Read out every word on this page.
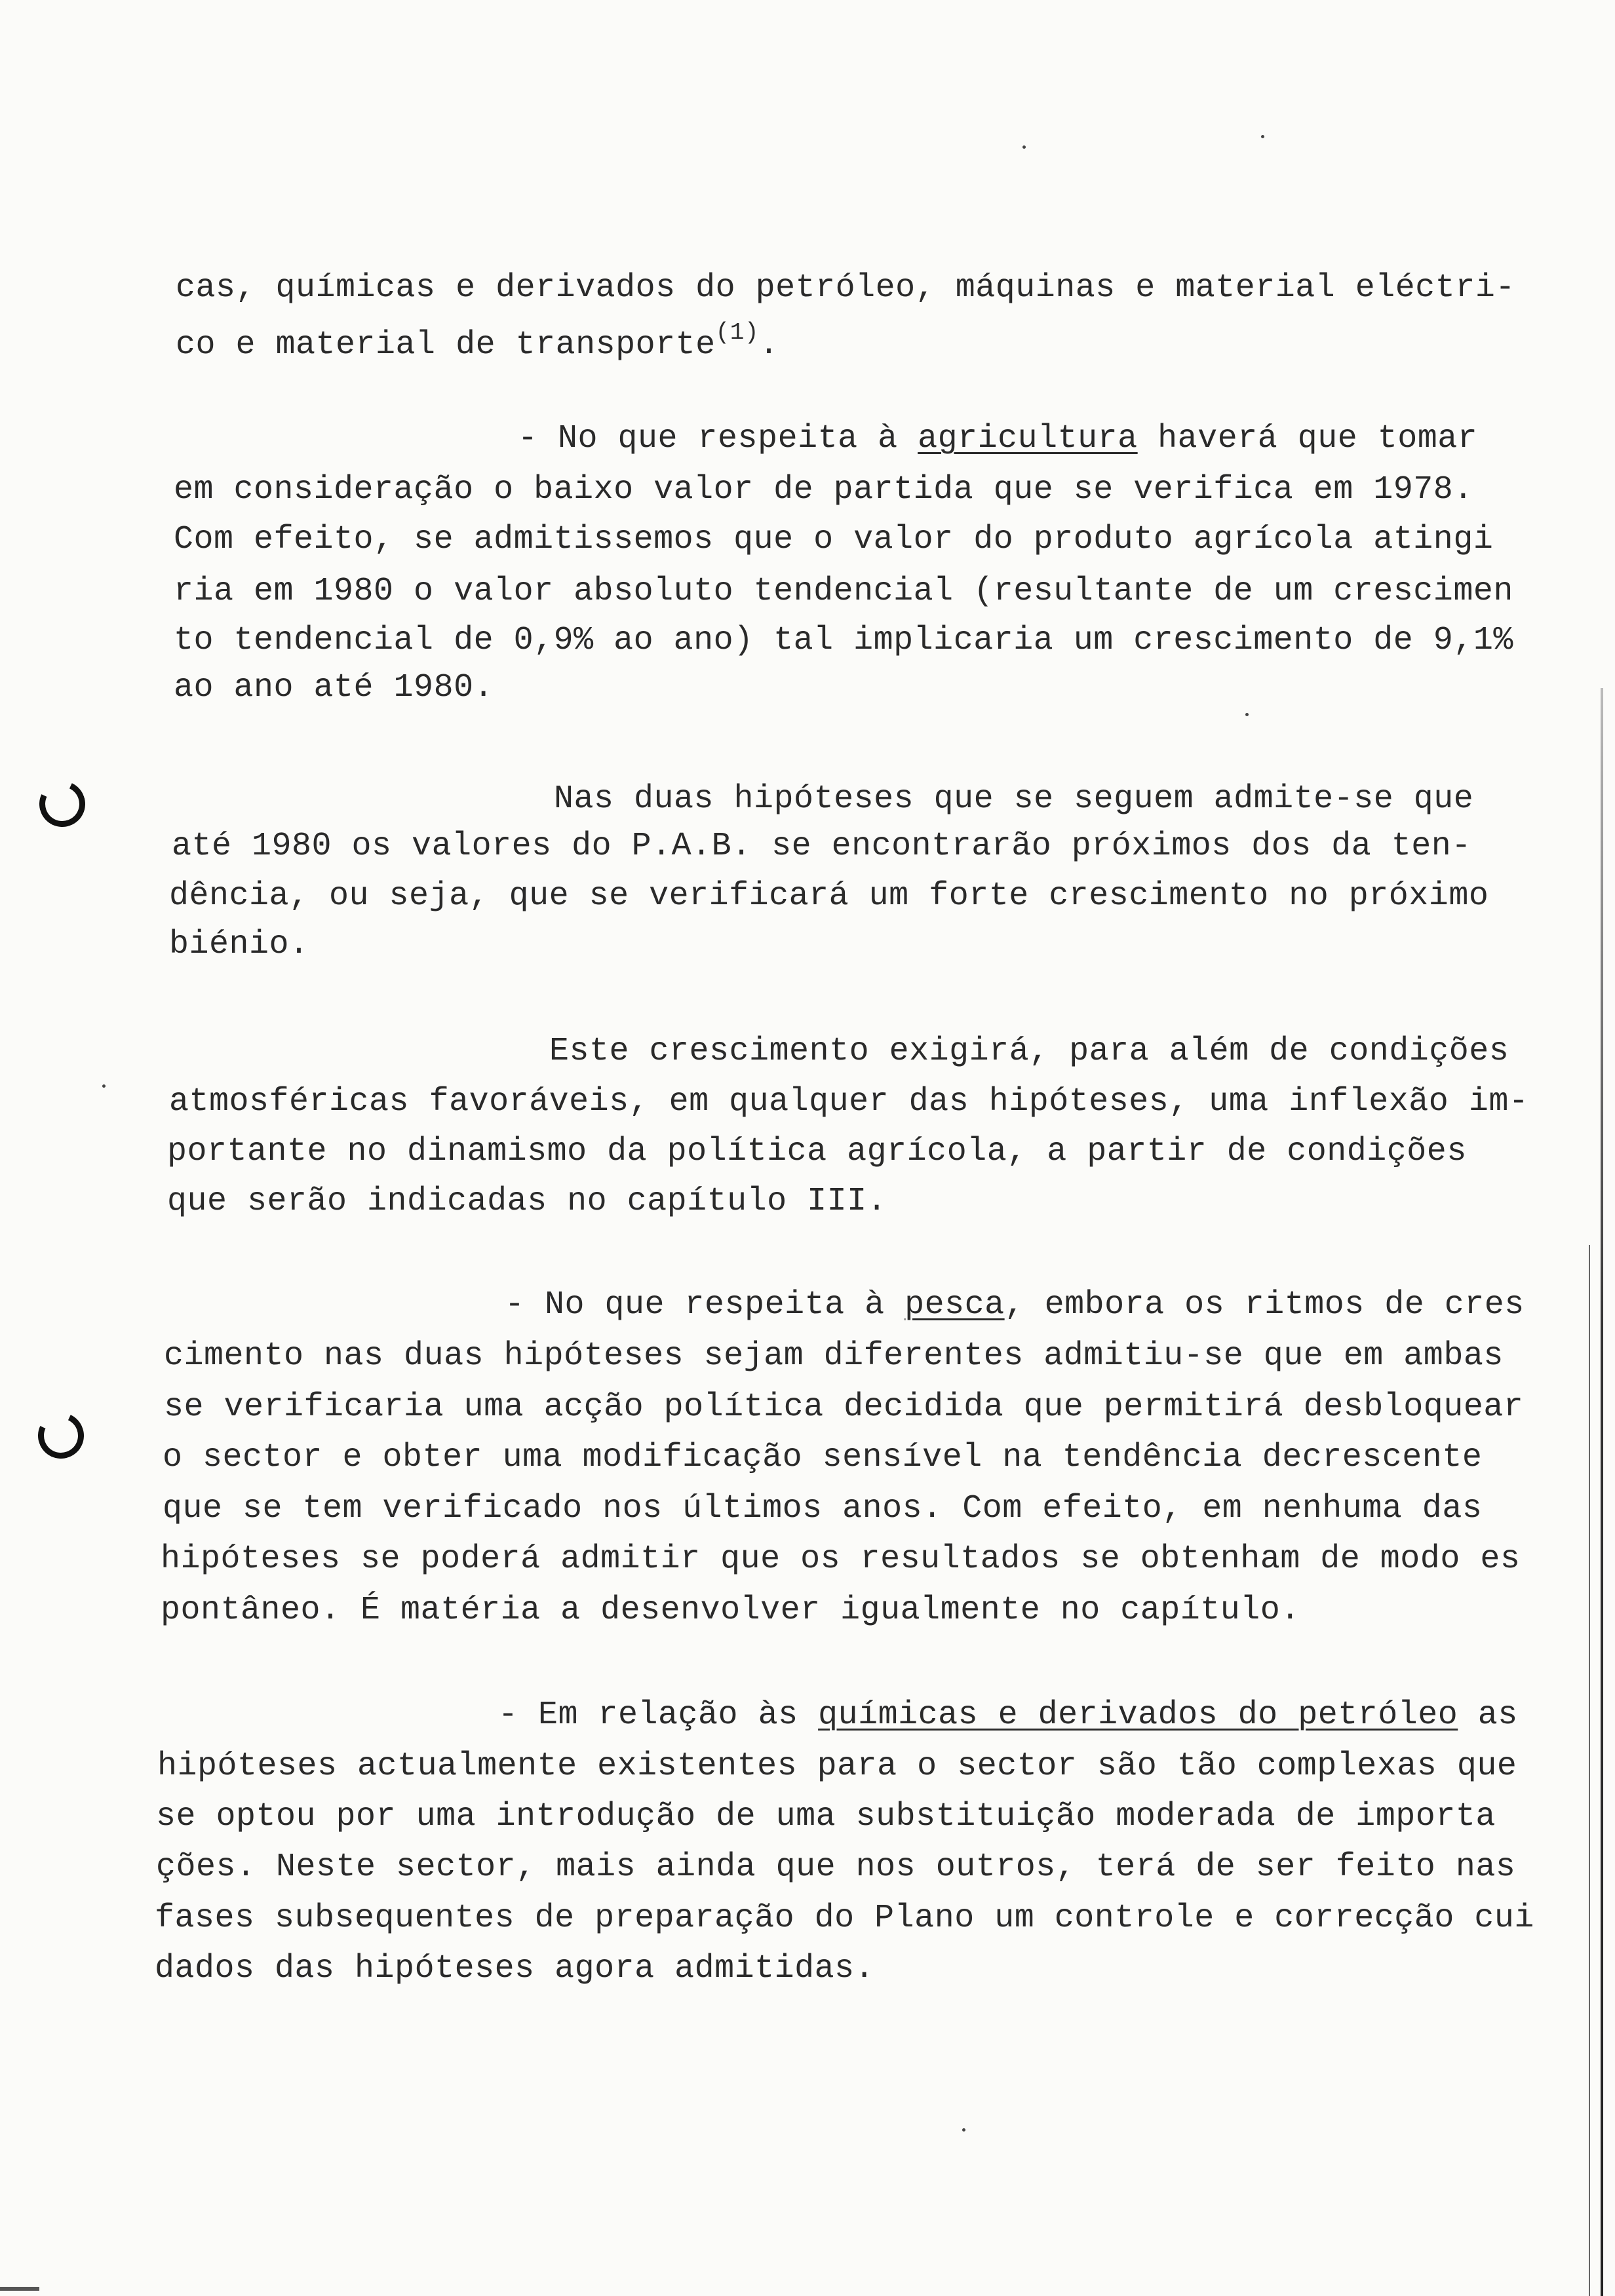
cas, químicas e derivados do petróleo, máquinas e material eléctri-
co e material de transporte$^{(1)}$.
- No que respeita à agricultura haverá que tomar
em consideração o baixo valor de partida que se verifica em 1978.
Com efeito, se admitissemos que o valor do produto agrícola atingi
ria em 1980 o valor absoluto tendencial (resultante de um crescimen
to tendencial de 0,9% ao ano) tal implicaria um crescimento de 9,1%
ao ano até 1980.
Nas duas hipóteses que se seguem admite-se que
até 1980 os valores do P.A.B. se encontrarão próximos dos da ten-
dência, ou seja, que se verificará um forte crescimento no próximo
biénio.
Este crescimento exigirá, para além de condições
atmosféricas favoráveis, em qualquer das hipóteses, uma inflexão im-
portante no dinamismo da política agrícola, a partir de condições
que serão indicadas no capítulo III.
- No que respeita à pesca, embora os ritmos de cres
cimento nas duas hipóteses sejam diferentes admitiu-se que em ambas
se verificaria uma acção política decidida que permitirá desbloquear
o sector e obter uma modificação sensível na tendência decrescente
que se tem verificado nos últimos anos. Com efeito, em nenhuma das
hipóteses se poderá admitir que os resultados se obtenham de modo es
pontâneo. É matéria a desenvolver igualmente no capítulo.
- Em relação às químicas e derivados do petróleo as
hipóteses actualmente existentes para o sector são tão complexas que
se optou por uma introdução de uma substituição moderada de importa
ções. Neste sector, mais ainda que nos outros, terá de ser feito nas
fases subsequentes de preparação do Plano um controle e correcção cui
dados das hipóteses agora admitidas.
